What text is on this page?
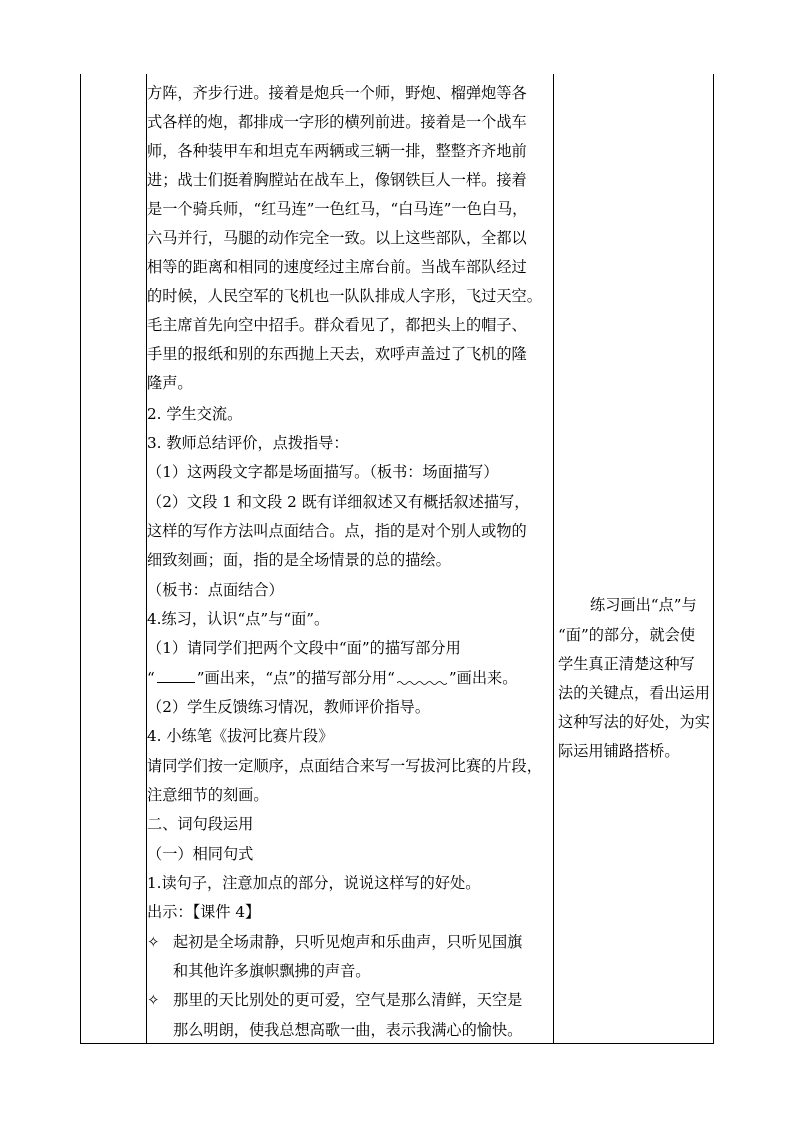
方阵，齐步行进。接着是炮兵一个师，野炮、榴弹炮等各
式各样的炮，都排成一字形的横列前进。接着是一个战车
师，各种装甲车和坦克车两辆或三辆一排，整整齐齐地前
进；战士们挺着胸膛站在战车上，像钢铁巨人一样。接着
是一个骑兵师，“红马连”一色红马，“白马连”一色白马，
六马并行，马腿的动作完全一致。以上这些部队，全都以
相等的距离和相同的速度经过主席台前。当战车部队经过
的时候，人民空军的飞机也一队队排成人字形，飞过天空。
毛主席首先向空中招手。群众看见了，都把头上的帽子、
手里的报纸和别的东西抛上天去，欢呼声盖过了飞机的隆
隆声。
2. 学生交流。
3. 教师总结评价，点拨指导：
（1）这两段文字都是场面描写。（板书：场面描写）
（2）文段 1 和文段 2 既有详细叙述又有概括叙述描写，
这样的写作方法叫点面结合。点，指的是对个别人或物的
细致刻画；面，指的是全场情景的总的描绘。
（板书：点面结合）
4.练习，认识“点”与“面”。
（1）请同学们把两个文段中“面”的描写部分用
“	”画出来，“点”的描写部分用“	”画出来。
（2）学生反馈练习情况，教师评价指导。
4. 小练笔《拔河比赛片段》
请同学们按一定顺序，点面结合来写一写拔河比赛的片段，
注意细节的刻画。
二、词句段运用
（一）相同句式
1.读句子，注意加点的部分，说说这样写的好处。
出示：【课件 4】
✧ 起初是全场肃静，只听见炮声和乐曲声，只听见国旗
和其他许多旗帜飘拂的声音。
✧ 那里的天比别处的更可爱，空气是那么清鲜，天空是
那么明朗，使我总想高歌一曲，表示我满心的愉快。
练习画出“点”与
“面”的部分，就会使
学生真正清楚这种写
法的关键点，看出运用
这种写法的好处，为实
际运用铺路搭桥。
